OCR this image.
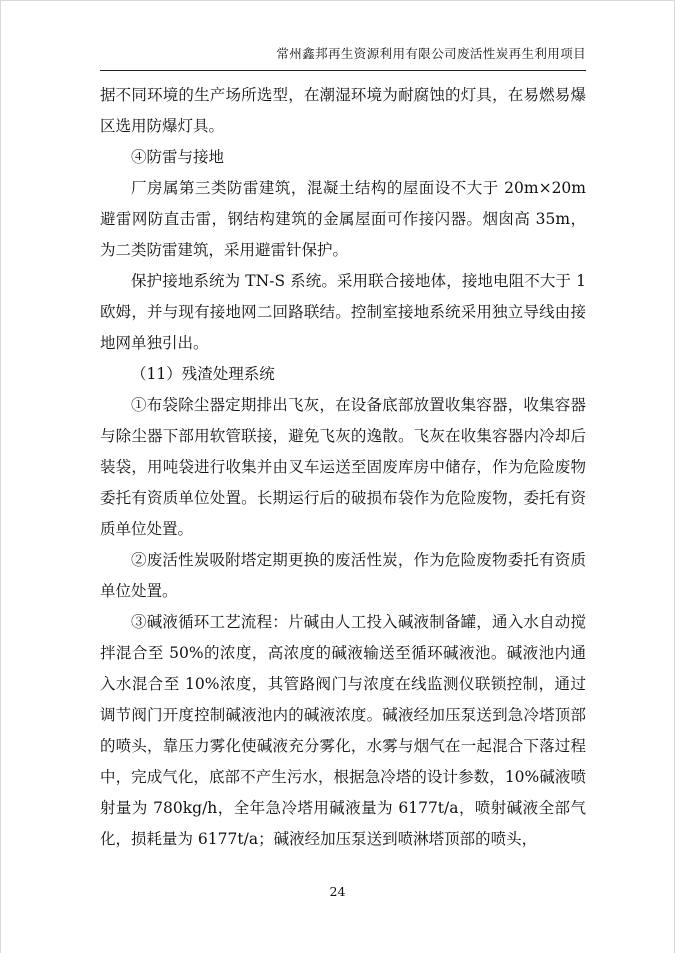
常州鑫邦再生资源利用有限公司废活性炭再生利用项目

据不同环境的生产场所选型，在潮湿环境为耐腐蚀的灯具，在易燃易爆区选用防爆灯具。

④防雷与接地

厂房属第三类防雷建筑，混凝土结构的屋面设不大于 20m×20m 避雷网防直击雷，钢结构建筑的金属屋面可作接闪器。烟囱高 35m，为二类防雷建筑，采用避雷针保护。

保护接地系统为 TN-S 系统。采用联合接地体，接地电阻不大于 1 欧姆，并与现有接地网二回路联结。控制室接地系统采用独立导线由接地网单独引出。

（11）残渣处理系统

①布袋除尘器定期排出飞灰，在设备底部放置收集容器，收集容器与除尘器下部用软管联接，避免飞灰的逸散。飞灰在收集容器内冷却后装袋，用吨袋进行收集并由叉车运送至固废库房中储存，作为危险废物委托有资质单位处置。长期运行后的破损布袋作为危险废物，委托有资质单位处置。

②废活性炭吸附塔定期更换的废活性炭，作为危险废物委托有资质单位处置。

③碱液循环工艺流程：片碱由人工投入碱液制备罐，通入水自动搅拌混合至 50%的浓度，高浓度的碱液输送至循环碱液池。碱液池内通入水混合至 10%浓度，其管路阀门与浓度在线监测仪联锁控制，通过调节阀门开度控制碱液池内的碱液浓度。碱液经加压泵送到急冷塔顶部的喷头，靠压力雾化使碱液充分雾化，水雾与烟气在一起混合下落过程中，完成气化，底部不产生污水，根据急冷塔的设计参数，10%碱液喷射量为 780kg/h，全年急冷塔用碱液量为 6177t/a，喷射碱液全部气化，损耗量为 6177t/a；碱液经加压泵送到喷淋塔顶部的喷头，

24
